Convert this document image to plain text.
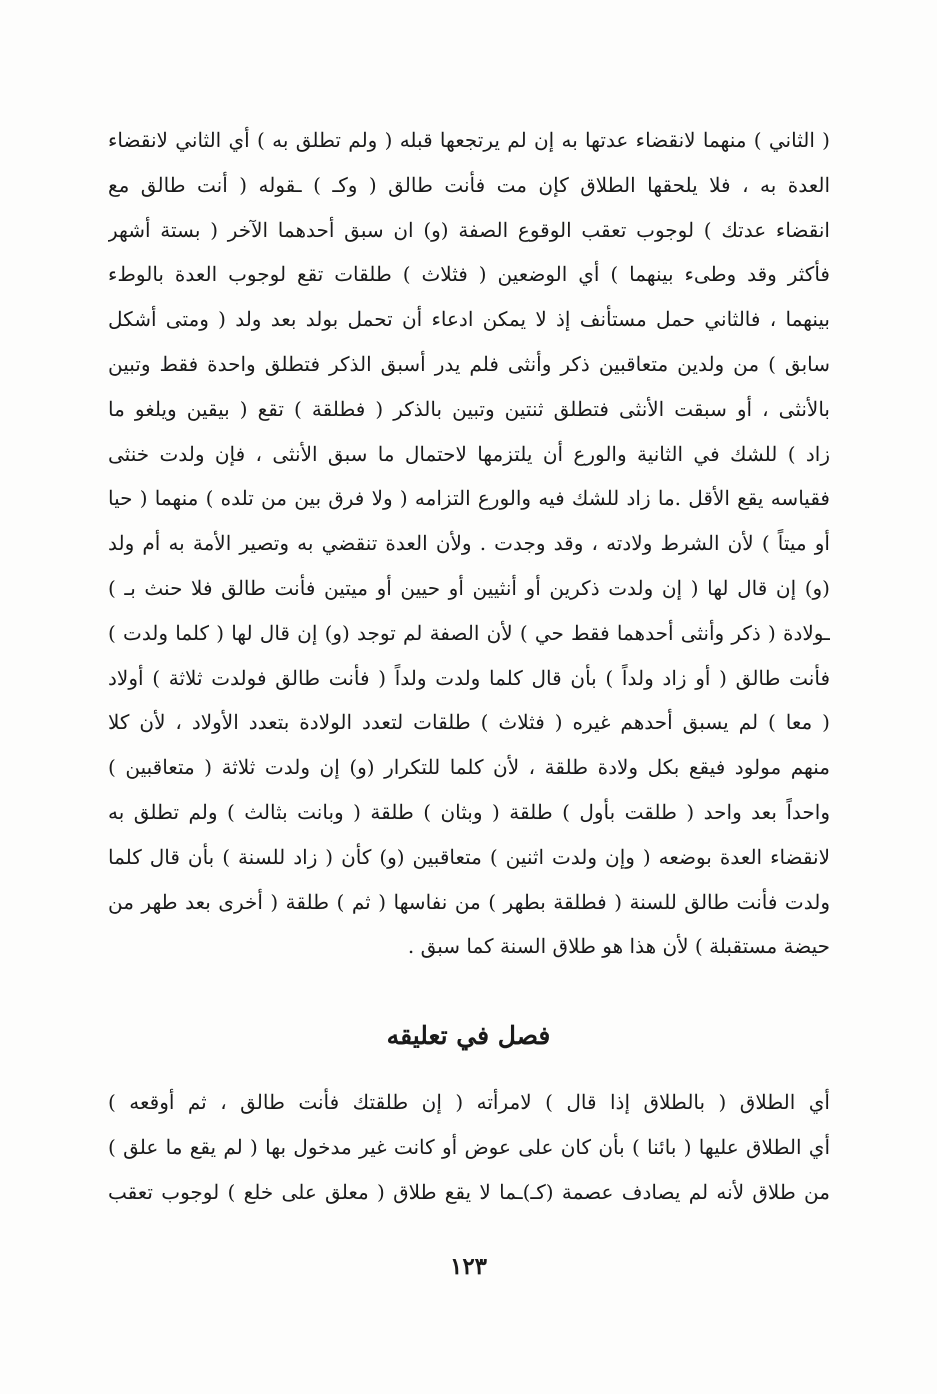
( الثاني ) منهما لانقضاء عدتها به إن لم يرتجعها قبله ( ولم تطلق به ) أي الثاني لانقضاء
العدة به ، فلا يلحقها الطلاق كإن مت فأنت طالق ( وكـ ) ـقوله ( أنت طالق مع
انقضاء عدتك ) لوجوب تعقب الوقوع الصفة (و) ان سبق أحدهما الآخر ( بستة أشهر
فأكثر وقد وطىء بينهما ) أي الوضعين ( فثلاث ) طلقات تقع لوجوب العدة بالوطء
بينهما ، فالثاني حمل مستأنف إذ لا يمكن ادعاء أن تحمل بولد بعد ولد ( ومتى أشكل
سابق ) من ولدين متعاقبين ذكر وأنثى فلم يدر أسبق الذكر فتطلق واحدة فقط وتبين
بالأنثى ، أو سبقت الأنثى فتطلق ثنتين وتبين بالذكر ( فطلقة ) تقع ( بيقين ويلغو ما
زاد ) للشك في الثانية والورع أن يلتزمها لاحتمال ما سبق الأنثى ، فإن ولدت خنثى
فقياسه يقع الأقل .ما زاد للشك فيه والورع التزامه ( ولا فرق بين من تلده ) منهما ( حيا
أو ميتاً ) لأن الشرط ولادته ، وقد وجدت . ولأن العدة تنقضي به وتصير الأمة به أم ولد
(و) إن قال لها ( إن ولدت ذكرين أو أنثيين أو حيين أو ميتين فأنت طالق فلا حنث بـ )
ـولادة ( ذكر وأنثى أحدهما فقط حي ) لأن الصفة لم توجد (و) إن قال لها ( كلما ولدت )
فأنت طالق ( أو زاد ولداً ) بأن قال كلما ولدت ولداً ( فأنت طالق فولدت ثلاثة ) أولاد
( معا ) لم يسبق أحدهم غيره ( فثلاث ) طلقات لتعدد الولادة بتعدد الأولاد ، لأن كلا
منهم مولود فيقع بكل ولادة طلقة ، لأن كلما للتكرار (و) إن ولدت ثلاثة ( متعاقبين )
واحداً بعد واحد ( طلقت بأول ) طلقة ( وبثان ) طلقة ( وبانت بثالث ) ولم تطلق به
لانقضاء العدة بوضعه ( وإن ولدت اثنين ) متعاقبين (و) كأن ( زاد للسنة ) بأن قال كلما
ولدت فأنت طالق للسنة ( فطلقة بطهر ) من نفاسها ( ثم ) طلقة ( أخرى بعد طهر من
حيضة مستقبلة ) لأن هذا هو طلاق السنة كما سبق .
فصل في تعليقه
أي الطلاق ( بالطلاق إذا قال ) لامرأته ( إن طلقتك فأنت طالق ، ثم أوقعه )
أي الطلاق عليها ( بائنا ) بأن كان على عوض أو كانت غير مدخول بها ( لم يقع ما علق )
من طلاق لأنه لم يصادف عصمة (كـ)ـما لا يقع طلاق ( معلق على خلع ) لوجوب تعقب
١٢٣
